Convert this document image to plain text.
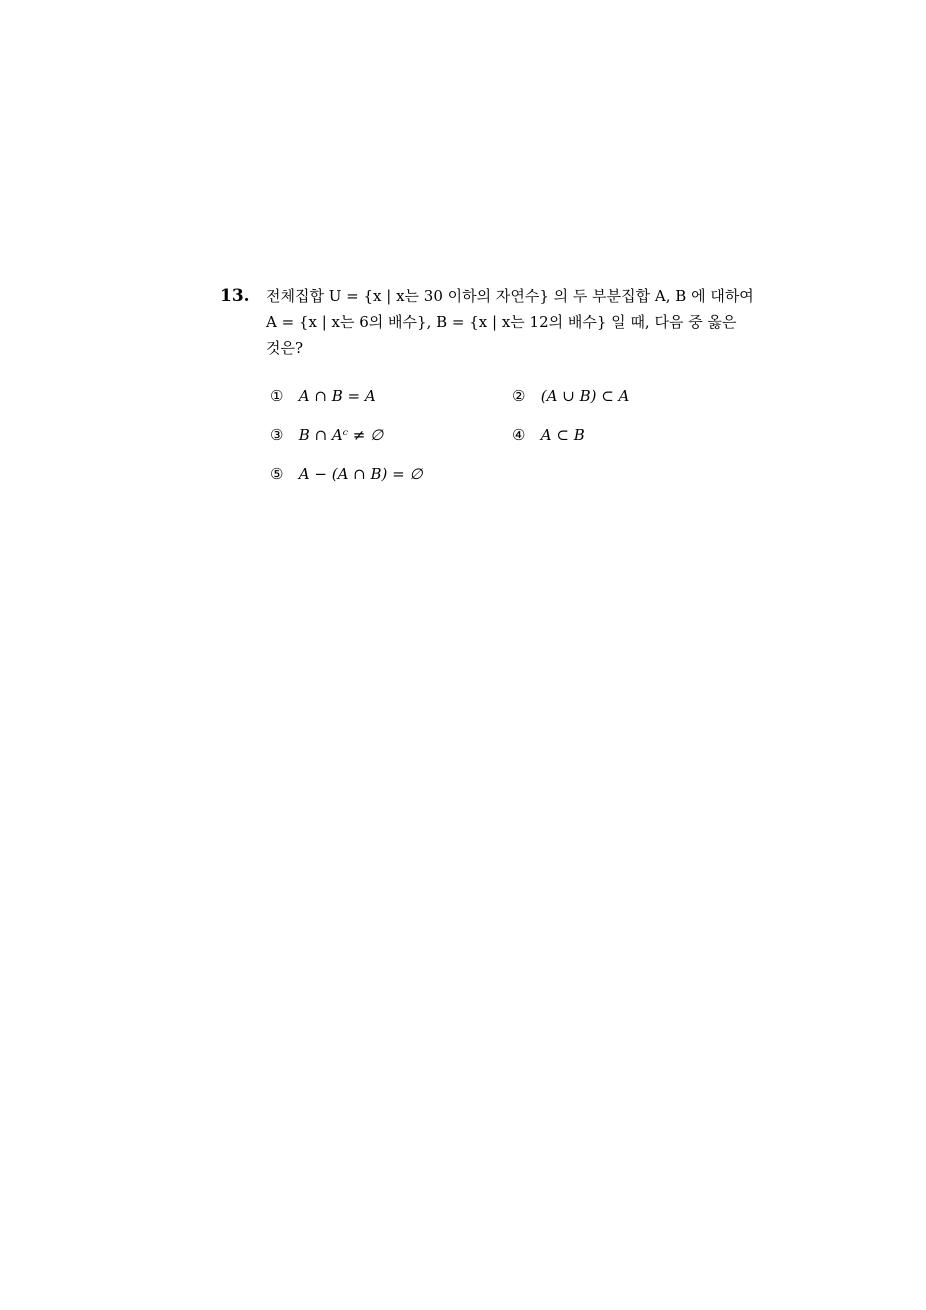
13. 전체집합 U = {x | x는 30 이하의 자연수} 의 두 부분집합 A, B 에 대하여
A = {x | x는 6의 배수}, B = {x | x는 12의 배수} 일 때, 다음 중 옳은
것은?
① A ∩ B = A	② (A ∪ B) ⊂ A
③ B ∩ Aᶜ ≠ ∅	④ A ⊂ B
⑤ A − (A ∩ B) = ∅
